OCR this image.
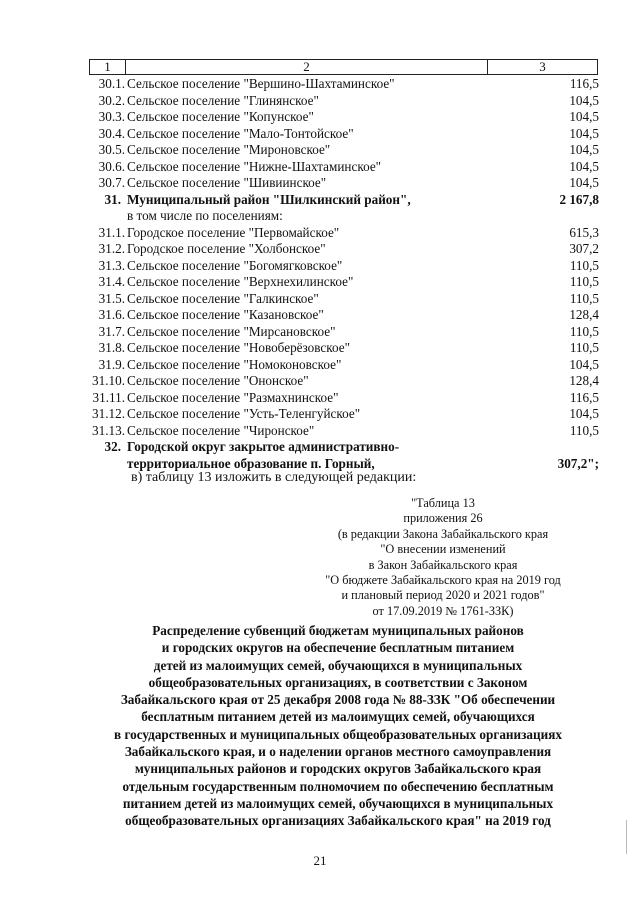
1	2	3
30.1. Сельское поселение "Вершино-Шахтаминское"	116,5
30.2. Сельское поселение "Глинянское"	104,5
30.3. Сельское поселение "Копунское"	104,5
30.4. Сельское поселение "Мало-Тонтойское"	104,5
30.5. Сельское поселение "Мироновское"	104,5
30.6. Сельское поселение "Нижне-Шахтаминское"	104,5
30.7. Сельское поселение "Шивиинское"	104,5
31. Муниципальный район "Шилкинский район",	2 167,8
в том числе по поселениям:
31.1. Городское поселение "Первомайское"	615,3
31.2. Городское поселение "Холбонское"	307,2
31.3. Сельское поселение "Богомягковское"	110,5
31.4. Сельское поселение "Верхнехилинское"	110,5
31.5. Сельское поселение "Галкинское"	110,5
31.6. Сельское поселение "Казановское"	128,4
31.7. Сельское поселение "Мирсановское"	110,5
31.8. Сельское поселение "Новоберёзовское"	110,5
31.9. Сельское поселение "Номоконовское"	104,5
31.10. Сельское поселение "Ононское"	128,4
31.11. Сельское поселение "Размахнинское"	116,5
31.12. Сельское поселение "Усть-Теленгуйское"	104,5
31.13. Сельское поселение "Чиронское"	110,5
32. Городской округ закрытое административно-
территориальное образование п. Горный,	307,2";
в) таблицу 13 изложить в следующей редакции:
"Таблица 13
приложения 26
(в редакции Закона Забайкальского края
"О внесении изменений
в Закон Забайкальского края
"О бюджете Забайкальского края на 2019 год
и плановый период 2020 и 2021 годов"
от 17.09.2019 № 1761-ЗЗК)
Распределение субвенций бюджетам муниципальных районов
и городских округов на обеспечение бесплатным питанием
детей из малоимущих семей, обучающихся в муниципальных
общеобразовательных организациях, в соответствии с Законом
Забайкальского края от 25 декабря 2008 года № 88-ЗЗК "Об обеспечении
бесплатным питанием детей из малоимущих семей, обучающихся
в государственных и муниципальных общеобразовательных организациях
Забайкальского края, и о наделении органов местного самоуправления
муниципальных районов и городских округов Забайкальского края
отдельным государственным полномочием по обеспечению бесплатным
питанием детей из малоимущих семей, обучающихся в муниципальных
общеобразовательных организациях Забайкальского края" на 2019 год
21
